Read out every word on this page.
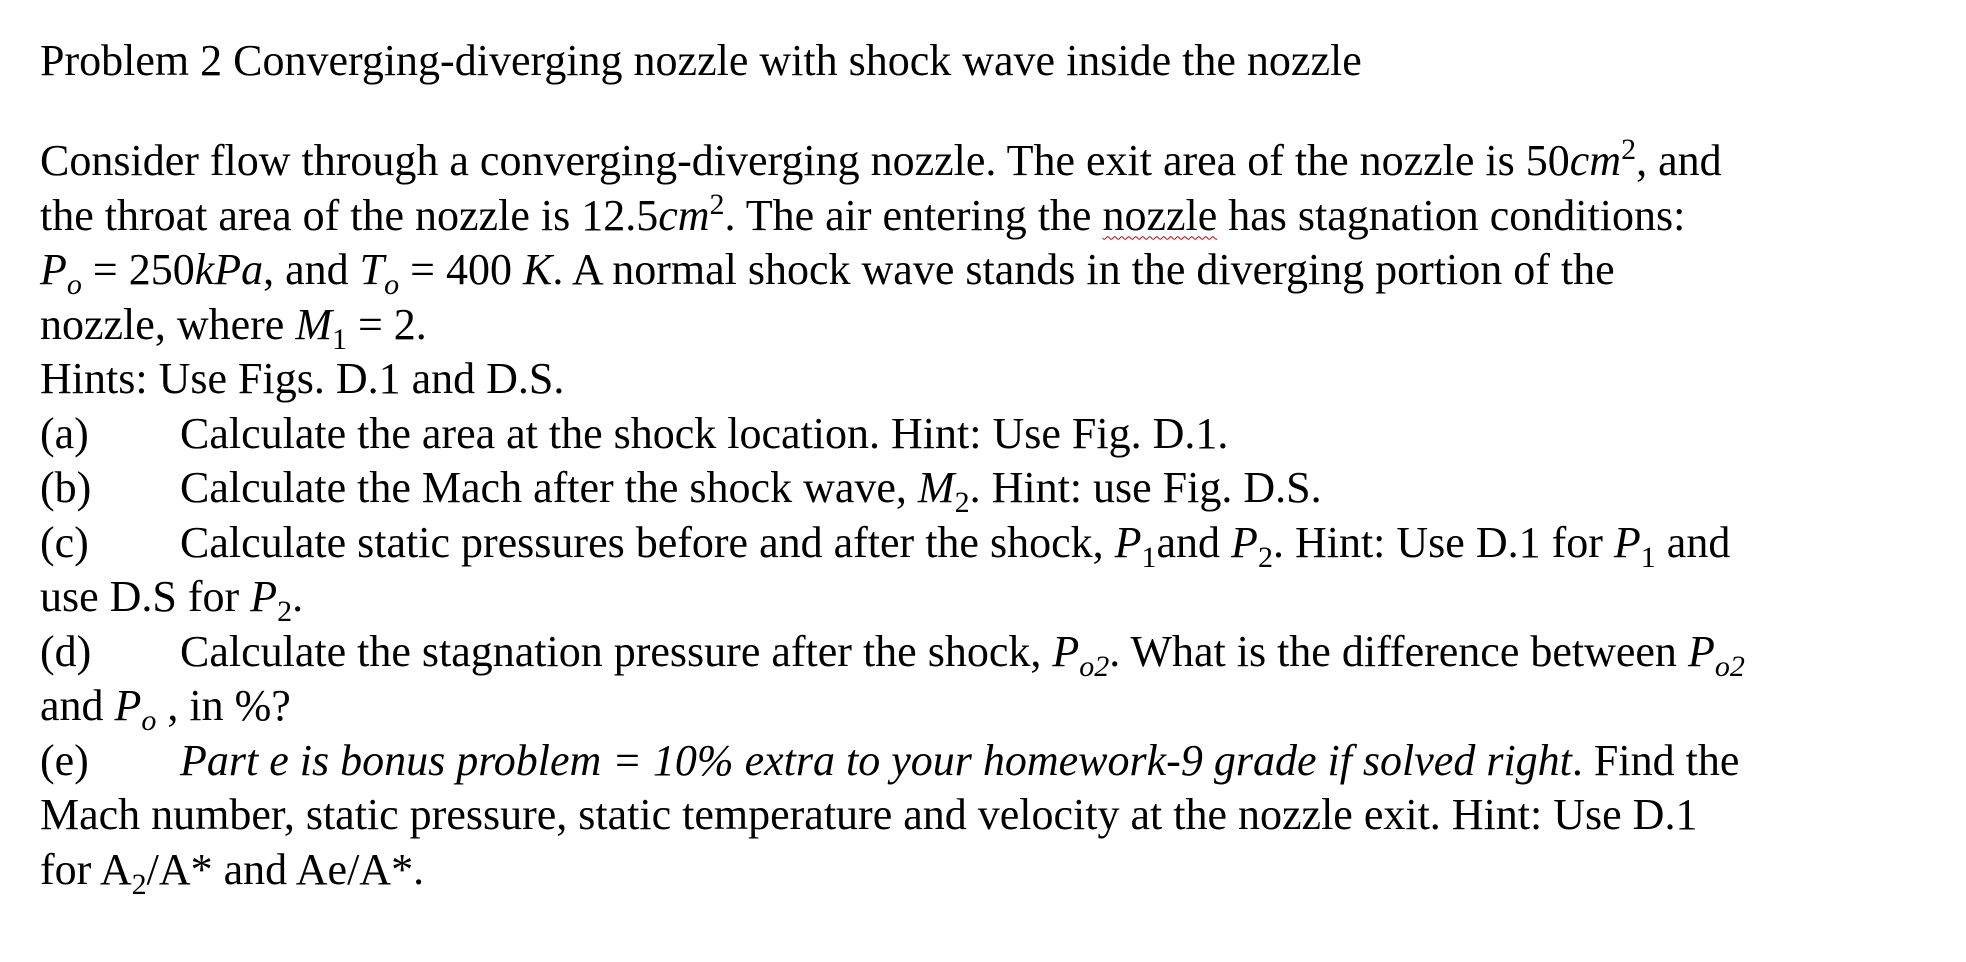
Problem 2 Converging-diverging nozzle with shock wave inside the nozzle
Consider flow through a converging-diverging nozzle. The exit area of the nozzle is $50cm^2$, and
the throat area of the nozzle is $12.5cm^2$. The air entering the nozzle has stagnation conditions:
$P_o = 250kPa$, and $T_o = 400$ K. A normal shock wave stands in the diverging portion of the
nozzle, where $M_1 = 2$.
Hints: Use Figs. D.1 and D.S.
(a) Calculate the area at the shock location. Hint: Use Fig. D.1.
(b) Calculate the Mach after the shock wave, $M_2$. Hint: use Fig. D.S.
(c) Calculate static pressures before and after the shock, $P_1and$ $P_2$. Hint: Use D.1 for $P_1$ and
use D.S for $P_2$.
(d) Calculate the stagnation pressure after the shock, $P_{o2}$. What is the difference between $P_{o2}$
and $P_o$ , in %?
(e) Part e is bonus problem = 10% extra to your homework-9 grade if solved right. Find the
Mach number, static pressure, static temperature and velocity at the nozzle exit. Hint: Use D.1
for $A_2/A*$ and Ae/A*.
